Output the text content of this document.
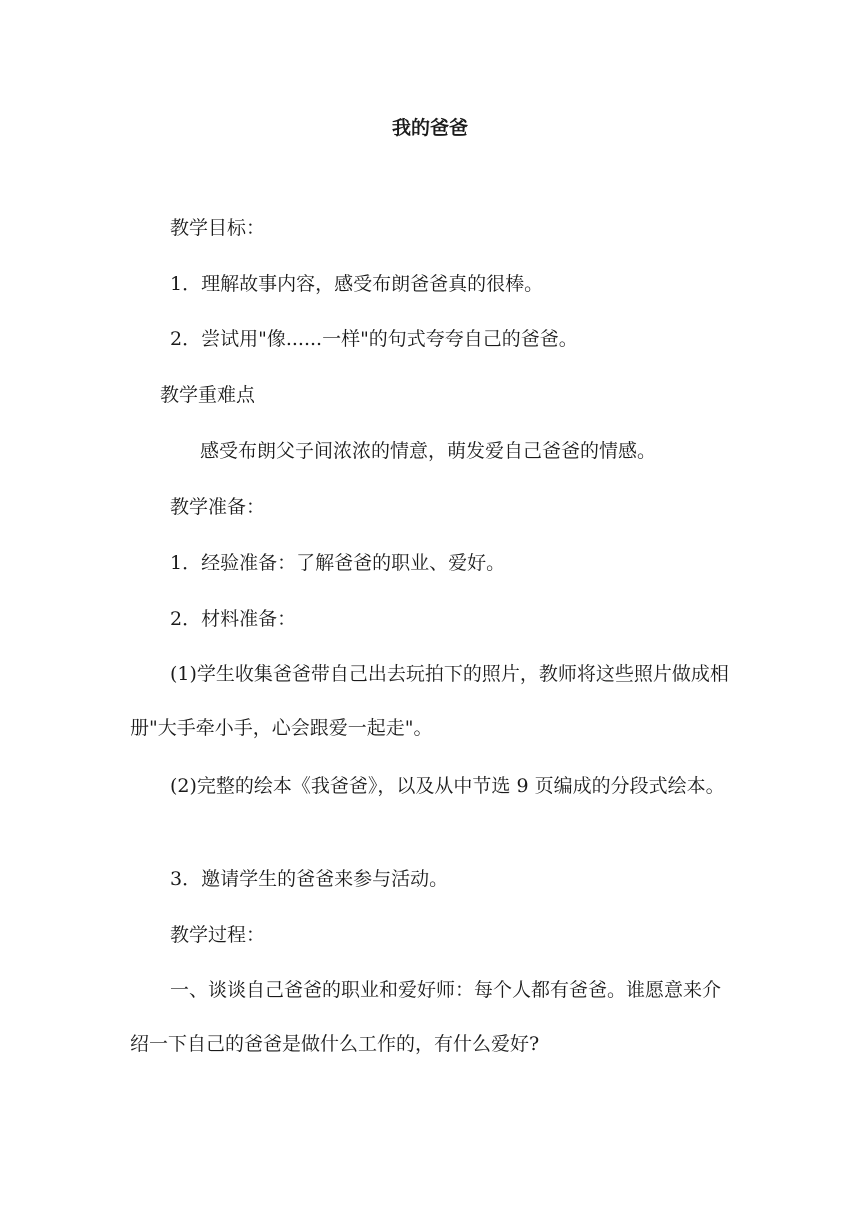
我的爸爸
教学目标：
1．理解故事内容，感受布朗爸爸真的很棒。
2．尝试用"像......一样"的句式夸夸自己的爸爸。
教学重难点
感受布朗父子间浓浓的情意，萌发爱自己爸爸的情感。
教学准备：
1．经验准备：了解爸爸的职业、爱好。
2．材料准备：
(1)学生收集爸爸带自己出去玩拍下的照片，教师将这些照片做成相册"大手牵小手，心会跟爱一起走"。
(2)完整的绘本《我爸爸》，以及从中节选 9 页编成的分段式绘本。
3．邀请学生的爸爸来参与活动。
教学过程：
一、谈谈自己爸爸的职业和爱好师：每个人都有爸爸。谁愿意来介绍一下自己的爸爸是做什么工作的，有什么爱好?
